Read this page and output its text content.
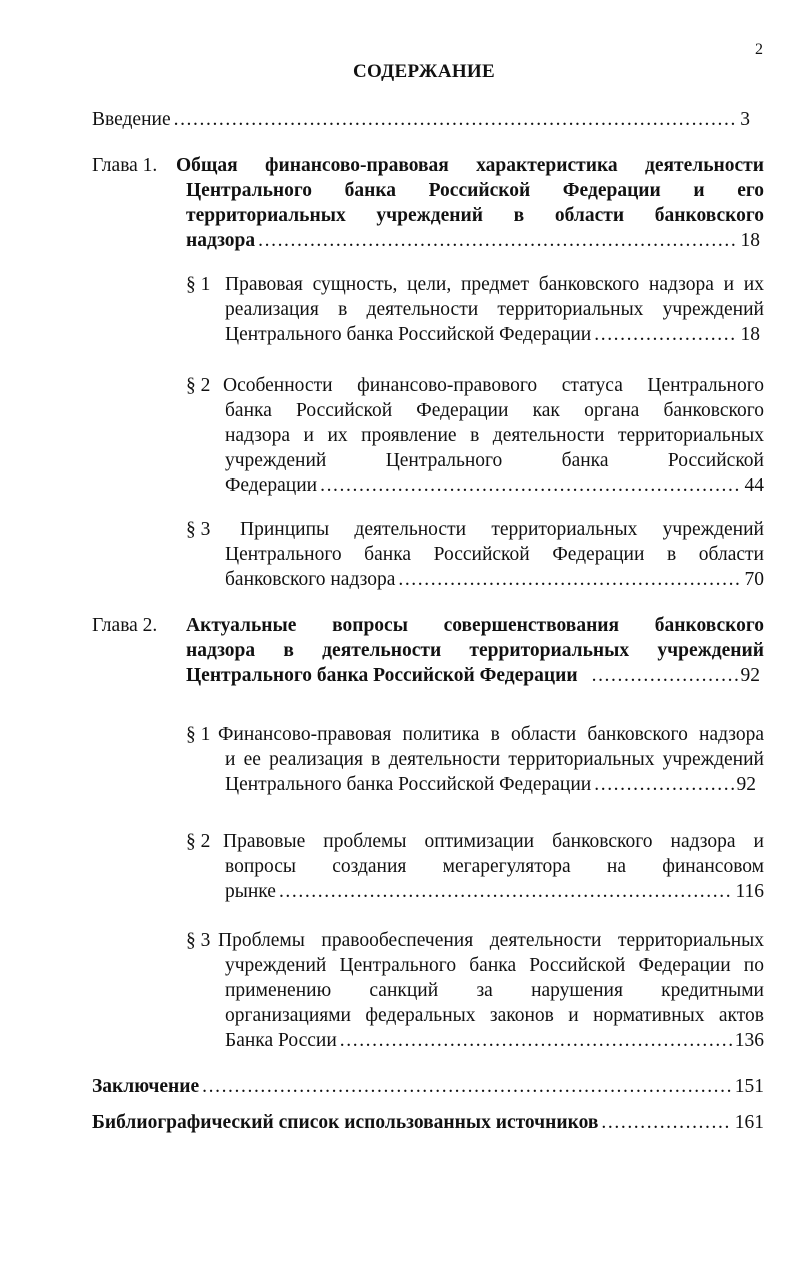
2
СОДЕРЖАНИЕ
Введение .....	3
Глава 1. Общая финансово-правовая характеристика деятельности
Центрального банка Российской Федерации и его
территориальных учреждений в области банковского
надзора .....	18
§ 1 Правовая сущность, цели, предмет банковского надзора и их
реализация в деятельности территориальных учреждений
Центрального банка Российской Федерации .....	18
§ 2 Особенности финансово-правового статуса Центрального
банка Российской Федерации как органа банковского
надзора и их проявление в деятельности территориальных
учреждений Центрального банка Российской
Федерации .....	44
§ 3 Принципы деятельности территориальных учреждений
Центрального банка Российской Федерации в области
банковского надзора .....	70
Глава 2. Актуальные вопросы совершенствования банковского
надзора в деятельности территориальных учреждений
Центрального банка Российской Федерации .....	92
§ 1 Финансово-правовая политика в области банковского надзора
и ее реализация в деятельности территориальных учреждений
Центрального банка Российской Федерации .....	92
§ 2 Правовые проблемы оптимизации банковского надзора и
вопросы создания мегарегулятора на финансовом
рынке .....	116
§ 3 Проблемы правообеспечения деятельности территориальных
учреждений Центрального банка Российской Федерации по
применению санкций за нарушения кредитными
организациями федеральных законов и нормативных актов
Банка России .....	136
Заключение .....	151
Библиографический список использованных источников .....	161
